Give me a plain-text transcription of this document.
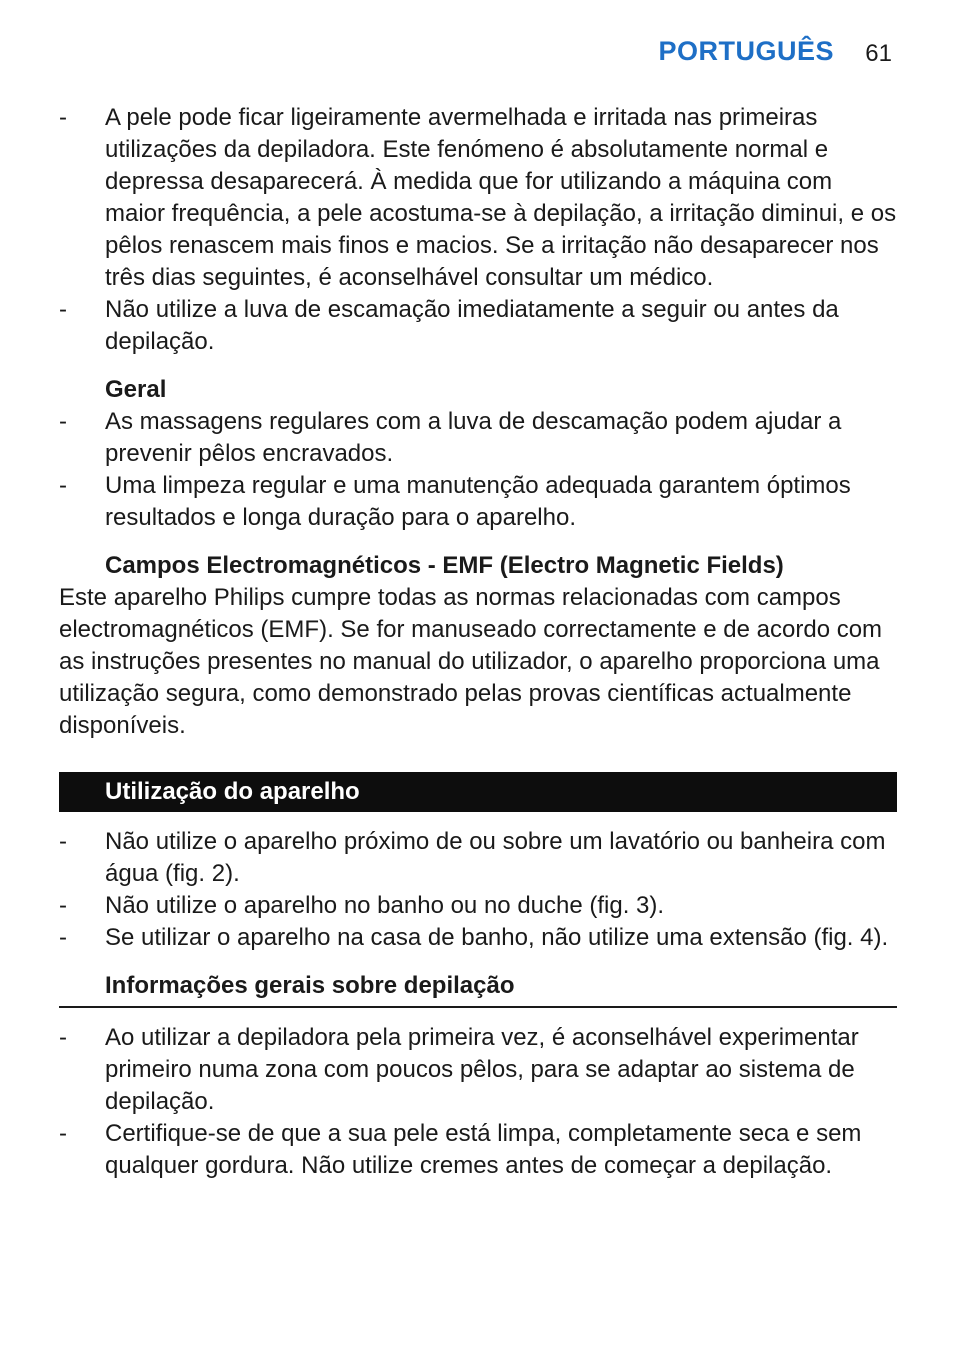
PORTUGUÊS 61
-	A pele pode ficar ligeiramente avermelhada e irritada nas primeiras utilizações da depiladora. Este fenómeno é absolutamente normal e depressa desaparecerá. À medida que for utilizando a máquina com maior frequência, a pele acostuma-se à depilação, a irritação diminui, e os pêlos renascem mais finos e macios. Se a irritação não desaparecer nos três dias seguintes, é aconselhável consultar um médico.
-	Não utilize a luva de escamação imediatamente a seguir ou antes da depilação.
Geral
-	As massagens regulares com a luva de descamação podem ajudar a prevenir pêlos encravados.
-	Uma limpeza regular e uma manutenção adequada garantem óptimos resultados e longa duração para o aparelho.
Campos Electromagnéticos - EMF (Electro Magnetic Fields)
Este aparelho Philips cumpre todas as normas relacionadas com campos electromagnéticos (EMF). Se for manuseado correctamente e de acordo com as instruções presentes no manual do utilizador, o aparelho proporciona uma utilização segura, como demonstrado pelas provas científicas actualmente disponíveis.
Utilização do aparelho
-	Não utilize o aparelho próximo de ou sobre um lavatório ou banheira com água (fig. 2).
-	Não utilize o aparelho no banho ou no duche (fig. 3).
-	Se utilizar o aparelho na casa de banho, não utilize uma extensão (fig. 4).
Informações gerais sobre depilação
-	Ao utilizar a depiladora pela primeira vez, é aconselhável experimentar primeiro numa zona com poucos pêlos, para se adaptar ao sistema de depilação.
-	Certifique-se de que a sua pele está limpa, completamente seca e sem qualquer gordura. Não utilize cremes antes de começar a depilação.
